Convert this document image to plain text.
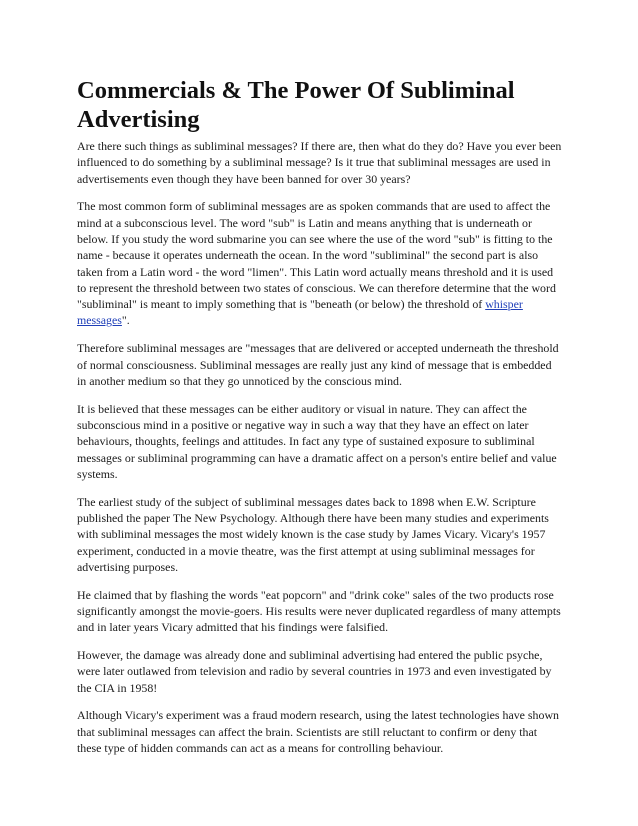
Commercials & The Power Of Subliminal Advertising

Are there such things as subliminal messages? If there are, then what do they do? Have you ever been influenced to do something by a subliminal message? Is it true that subliminal messages are used in advertisements even though they have been banned for over 30 years?

The most common form of subliminal messages are as spoken commands that are used to affect the mind at a subconscious level. The word "sub" is Latin and means anything that is underneath or below. If you study the word submarine you can see where the use of the word "sub" is fitting to the name - because it operates underneath the ocean. In the word "subliminal" the second part is also taken from a Latin word - the word "limen". This Latin word actually means threshold and it is used to represent the threshold between two states of conscious. We can therefore determine that the word "subliminal" is meant to imply something that is "beneath (or below) the threshold of whisper messages".

Therefore subliminal messages are "messages that are delivered or accepted underneath the threshold of normal consciousness. Subliminal messages are really just any kind of message that is embedded in another medium so that they go unnoticed by the conscious mind.

It is believed that these messages can be either auditory or visual in nature. They can affect the subconscious mind in a positive or negative way in such a way that they have an effect on later behaviours, thoughts, feelings and attitudes. In fact any type of sustained exposure to subliminal messages or subliminal programming can have a dramatic affect on a person's entire belief and value systems.

The earliest study of the subject of subliminal messages dates back to 1898 when E.W. Scripture published the paper The New Psychology. Although there have been many studies and experiments with subliminal messages the most widely known is the case study by James Vicary. Vicary's 1957 experiment, conducted in a movie theatre, was the first attempt at using subliminal messages for advertising purposes.

He claimed that by flashing the words "eat popcorn" and "drink coke" sales of the two products rose significantly amongst the movie-goers. His results were never duplicated regardless of many attempts and in later years Vicary admitted that his findings were falsified.

However, the damage was already done and subliminal advertising had entered the public psyche, were later outlawed from television and radio by several countries in 1973 and even investigated by the CIA in 1958!

Although Vicary's experiment was a fraud modern research, using the latest technologies have shown that subliminal messages can affect the brain. Scientists are still reluctant to confirm or deny that these type of hidden commands can act as a means for controlling behaviour.
